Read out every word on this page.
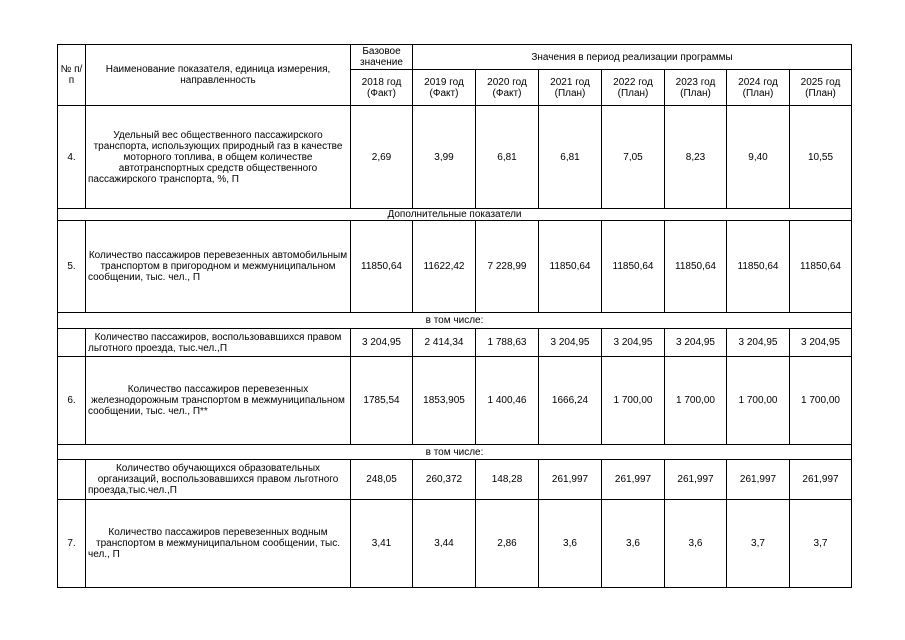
№ п/п	Наименование показателя, единица измерения, направленность	Базовое значение	Значения в период реализации программы						
		2018 год (Факт)	2019 год (Факт)	2020 год (Факт)	2021 год (План)	2022 год (План)	2023 год (План)	2024 год (План)	2025 год (План)
4.	Удельный вес общественного пассажирского транспорта, использующих природный газ в качестве моторного топлива, в общем количестве автотранспортных средств общественного пассажирского транспорта, %, П	2,69	3,99	6,81	6,81	7,05	8,23	9,40	10,55
Дополнительные показатели									
5.	Количество пассажиров перевезенных автомобильным транспортом в пригородном и межмуниципальном сообщении, тыс. чел., П	11850,64	11622,42	7 228,99	11850,64	11850,64	11850,64	11850,64	11850,64
в том числе:									
	Количество пассажиров, воспользовавшихся правом льготного проезда, тыс.чел.,П	3 204,95	2 414,34	1 788,63	3 204,95	3 204,95	3 204,95	3 204,95	3 204,95
6.	Количество пассажиров перевезенных железнодорожным транспортом в межмуниципальном сообщении, тыс. чел., П**	1785,54	1853,905	1 400,46	1666,24	1 700,00	1 700,00	1 700,00	1 700,00
в том числе:									
	Количество обучающихся образовательных организаций, воспользовавшихся правом льготного проезда,тыс.чел.,П	248,05	260,372	148,28	261,997	261,997	261,997	261,997	261,997
7.	Количество пассажиров перевезенных водным транспортом в межмуниципальном сообщении, тыс. чел., П	3,41	3,44	2,86	3,6	3,6	3,6	3,7	3,7
